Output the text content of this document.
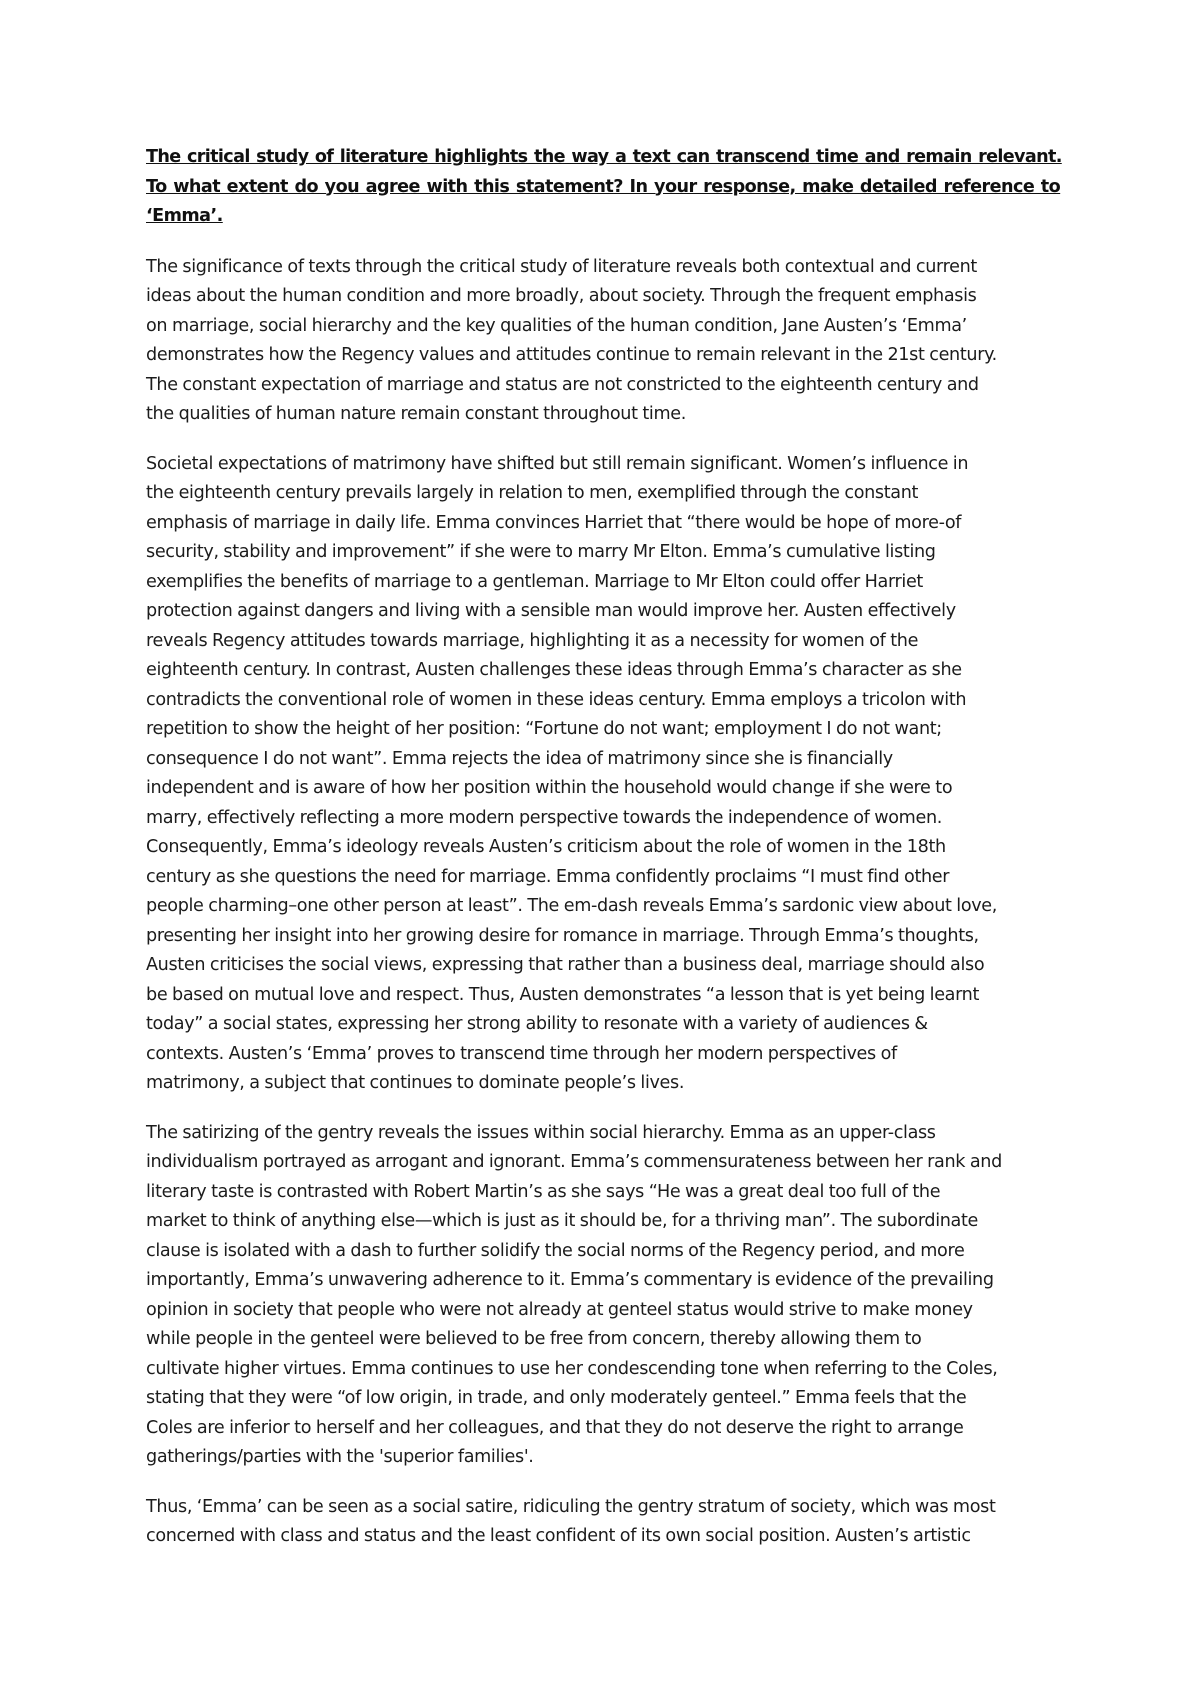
The critical study of literature highlights the way a text can transcend time and remain relevant.
To what extent do you agree with this statement? In your response, make detailed reference to
‘Emma’.
The significance of texts through the critical study of literature reveals both contextual and current
ideas about the human condition and more broadly, about society. Through the frequent emphasis
on marriage, social hierarchy and the key qualities of the human condition, Jane Austen’s ‘Emma’
demonstrates how the Regency values and attitudes continue to remain relevant in the 21st century.
The constant expectation of marriage and status are not constricted to the eighteenth century and
the qualities of human nature remain constant throughout time.
Societal expectations of matrimony have shifted but still remain significant. Women’s influence in
the eighteenth century prevails largely in relation to men, exemplified through the constant
emphasis of marriage in daily life. Emma convinces Harriet that “there would be hope of more-of
security, stability and improvement” if she were to marry Mr Elton. Emma’s cumulative listing
exemplifies the benefits of marriage to a gentleman. Marriage to Mr Elton could offer Harriet
protection against dangers and living with a sensible man would improve her. Austen effectively
reveals Regency attitudes towards marriage, highlighting it as a necessity for women of the
eighteenth century. In contrast, Austen challenges these ideas through Emma’s character as she
contradicts the conventional role of women in these ideas century. Emma employs a tricolon with
repetition to show the height of her position: “Fortune do not want; employment I do not want;
consequence I do not want”. Emma rejects the idea of matrimony since she is financially
independent and is aware of how her position within the household would change if she were to
marry, effectively reflecting a more modern perspective towards the independence of women.
Consequently, Emma’s ideology reveals Austen’s criticism about the role of women in the 18th
century as she questions the need for marriage. Emma confidently proclaims “I must find other
people charming–one other person at least”. The em-dash reveals Emma’s sardonic view about love,
presenting her insight into her growing desire for romance in marriage. Through Emma’s thoughts,
Austen criticises the social views, expressing that rather than a business deal, marriage should also
be based on mutual love and respect. Thus, Austen demonstrates “a lesson that is yet being learnt
today” a social states, expressing her strong ability to resonate with a variety of audiences &
contexts. Austen’s ‘Emma’ proves to transcend time through her modern perspectives of
matrimony, a subject that continues to dominate people’s lives.
The satirizing of the gentry reveals the issues within social hierarchy. Emma as an upper-class
individualism portrayed as arrogant and ignorant. Emma’s commensurateness between her rank and
literary taste is contrasted with Robert Martin’s as she says “He was a great deal too full of the
market to think of anything else—which is just as it should be, for a thriving man”. The subordinate
clause is isolated with a dash to further solidify the social norms of the Regency period, and more
importantly, Emma’s unwavering adherence to it. Emma’s commentary is evidence of the prevailing
opinion in society that people who were not already at genteel status would strive to make money
while people in the genteel were believed to be free from concern, thereby allowing them to
cultivate higher virtues. Emma continues to use her condescending tone when referring to the Coles,
stating that they were “of low origin, in trade, and only moderately genteel.” Emma feels that the
Coles are inferior to herself and her colleagues, and that they do not deserve the right to arrange
gatherings/parties with the 'superior families'.
Thus, ‘Emma’ can be seen as a social satire, ridiculing the gentry stratum of society, which was most
concerned with class and status and the least confident of its own social position. Austen’s artistic
